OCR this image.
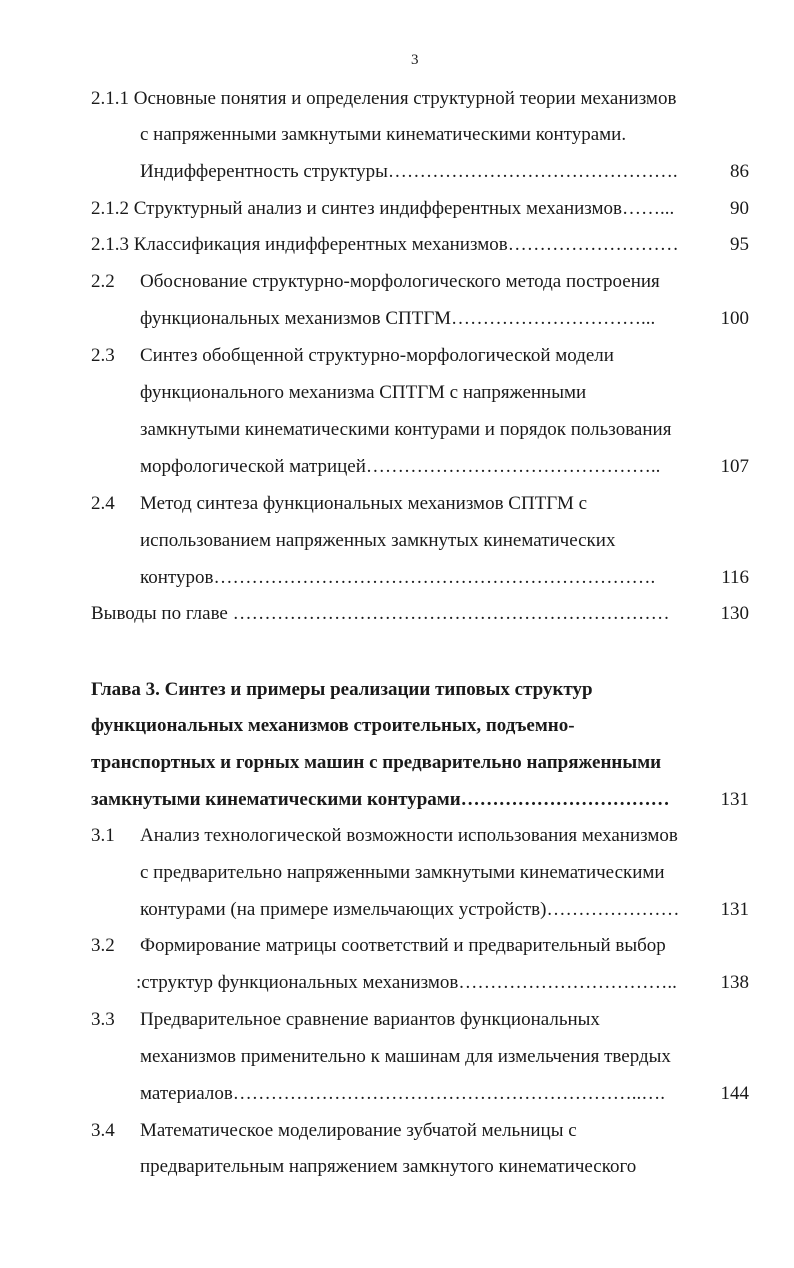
3
2.1.1 Основные понятия и определения структурной теории механизмов
с напряженными замкнутыми кинематическими контурами.
Индифферентность структуры……………………………………….	86
2.1.2 Структурный анализ и синтез индифферентных механизмов……...	90
2.1.3 Классификация индифферентных механизмов………………………	95
2.2 Обоснование структурно-морфологического метода построения
функциональных механизмов СПТГМ…………………………...	100
2.3 Синтез обобщенной структурно-морфологической модели
функционального механизма СПТГМ с напряженными
замкнутыми кинематическими контурами и порядок пользования
морфологической матрицей………………………………………..	107
2.4 Метод синтеза функциональных механизмов СПТГМ с
использованием напряженных замкнутых кинематических
контуров…………………………………………………………….	116
Выводы по главе ……………………………………………………………	130
Глава 3. Синтез и примеры реализации типовых структур
функциональных механизмов строительных, подъемно-
транспортных и горных машин с предварительно напряженными
замкнутыми кинематическими контурами……………………………	131
3.1 Анализ технологической возможности использования механизмов
с предварительно напряженными замкнутыми кинематическими
контурами (на примере измельчающих устройств)…………………	131
3.2 Формирование матрицы соответствий и предварительный выбор
:структур функциональных механизмов……………………………..	138
3.3 Предварительное сравнение вариантов функциональных
механизмов применительно к машинам для измельчения твердых
материалов………………………………………………………..….	144
3.4 Математическое моделирование зубчатой мельницы с
предварительным напряжением замкнутого кинематического
